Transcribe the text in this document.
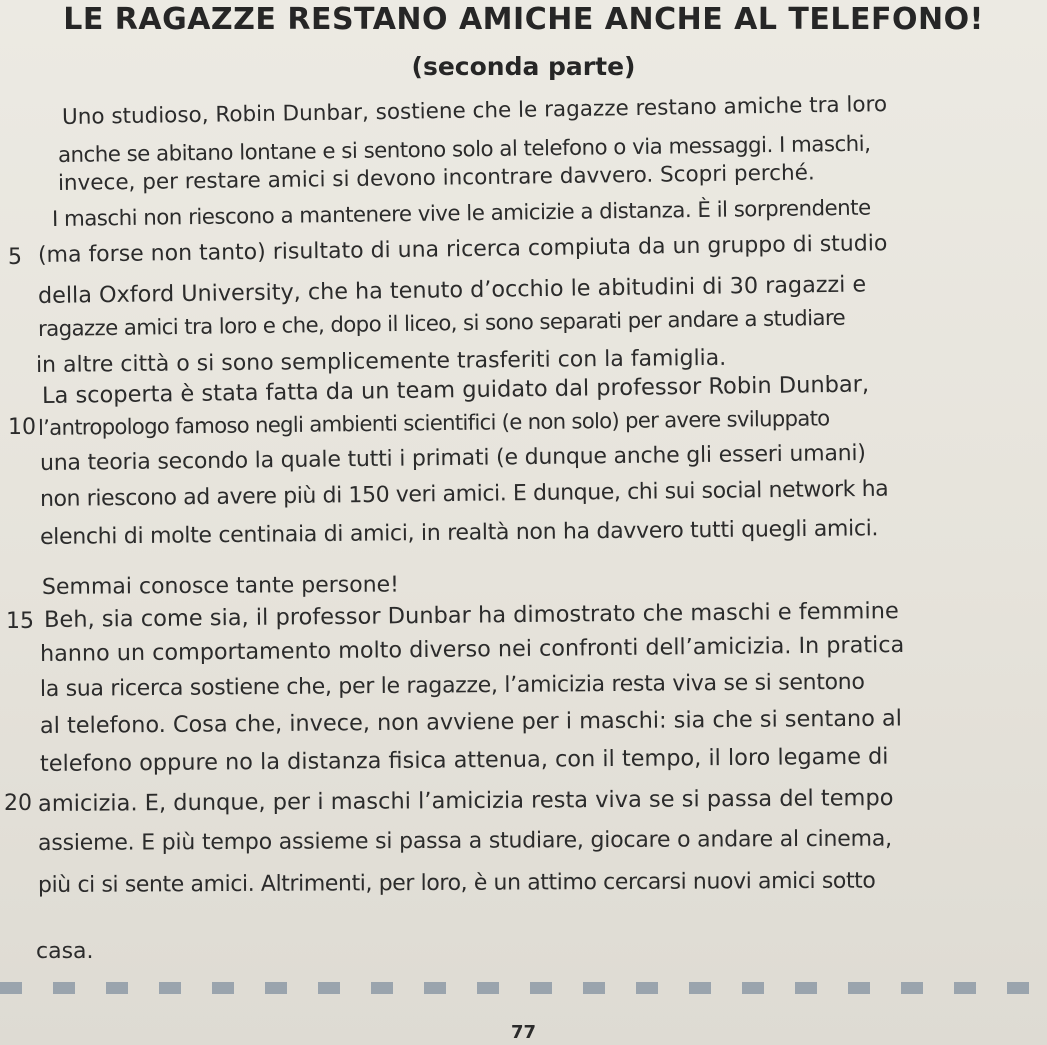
LE RAGAZZE RESTANO AMICHE ANCHE AL TELEFONO!
(seconda parte)
5
10
15
20
Uno studioso, Robin Dunbar, sostiene che le ragazze restano amiche tra loro
anche se abitano lontane e si sentono solo al telefono o via messaggi. I maschi,
invece, per restare amici si devono incontrare davvero. Scopri perché.
I maschi non riescono a mantenere vive le amicizie a distanza. È il sorprendente
(ma forse non tanto) risultato di una ricerca compiuta da un gruppo di studio
della Oxford University, che ha tenuto d’occhio le abitudini di 30 ragazzi e
ragazze amici tra loro e che, dopo il liceo, si sono separati per andare a studiare
in altre città o si sono semplicemente trasferiti con la famiglia.
La scoperta è stata fatta da un team guidato dal professor Robin Dunbar,
l’antropologo famoso negli ambienti scientifici (e non solo) per avere sviluppato
una teoria secondo la quale tutti i primati (e dunque anche gli esseri umani)
non riescono ad avere più di 150 veri amici. E dunque, chi sui social network ha
elenchi di molte centinaia di amici, in realtà non ha davvero tutti quegli amici.
Semmai conosce tante persone!
Beh, sia come sia, il professor Dunbar ha dimostrato che maschi e femmine
hanno un comportamento molto diverso nei confronti dell’amicizia. In pratica
la sua ricerca sostiene che, per le ragazze, l’amicizia resta viva se si sentono
al telefono. Cosa che, invece, non avviene per i maschi: sia che si sentano al
telefono oppure no la distanza fisica attenua, con il tempo, il loro legame di
amicizia. E, dunque, per i maschi l’amicizia resta viva se si passa del tempo
assieme. E più tempo assieme si passa a studiare, giocare o andare al cinema,
più ci si sente amici. Altrimenti, per loro, è un attimo cercarsi nuovi amici sotto
casa.
77
